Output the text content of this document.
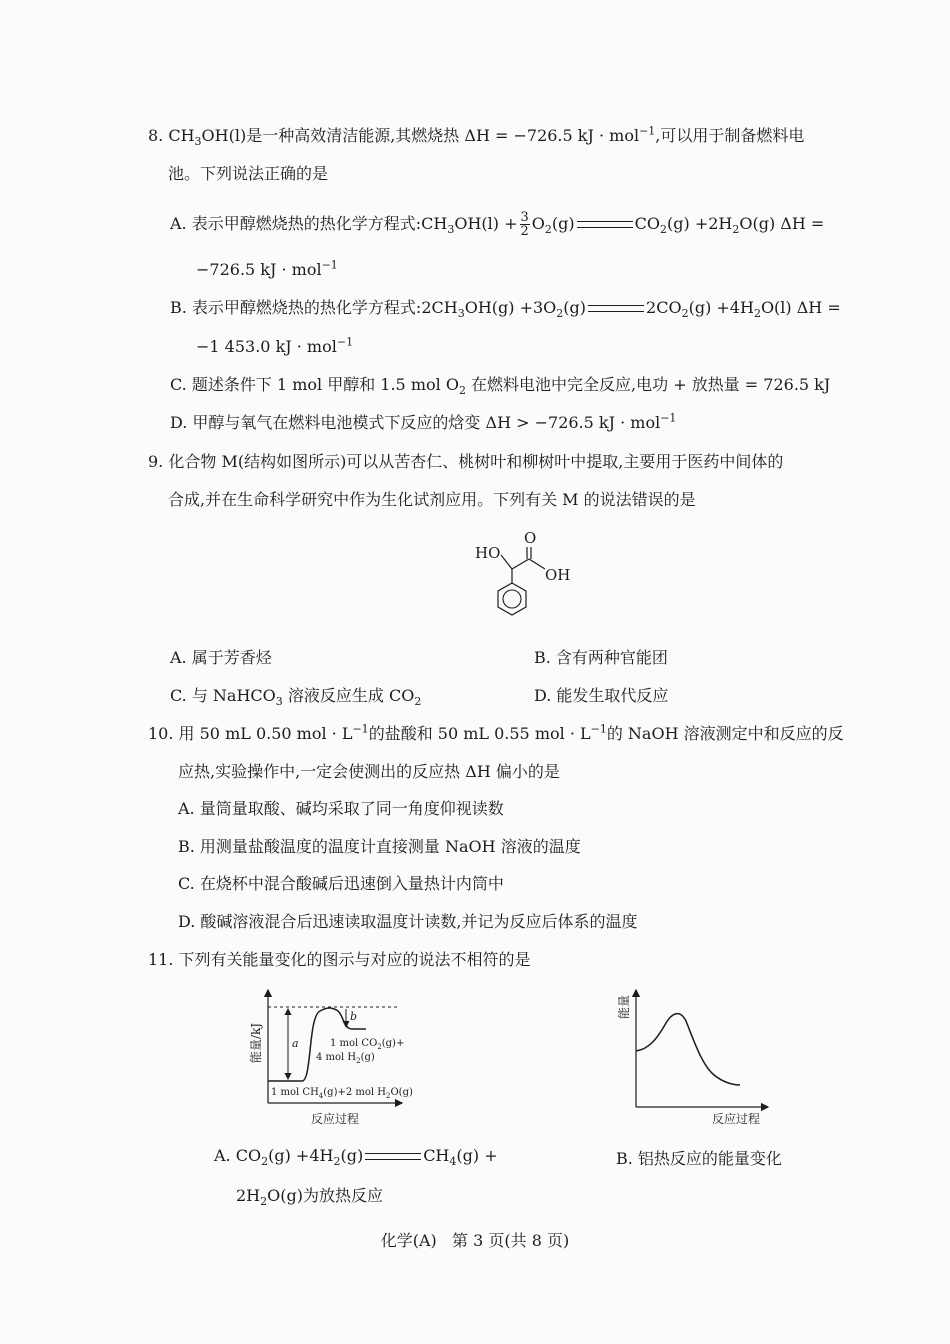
8. $CH_3OH(l)$是一种高效清洁能源,其燃烧热 ΔH = −726.5 kJ · mol$^{-1}$,可以用于制备燃料电
池。下列说法正确的是
A. 表示甲醇燃烧热的热化学方程式$:CH_3OH(l) + \frac{3}{2} O_2(g)$	$CO_2(g) +2H_2O(g) \Delta H$ =
−726.5 kJ · mol$^{-1}$
B. 表示甲醇燃烧热的热化学方程式$:2CH_3OH(g) +3O_2(g)$	$2CO_2(g) +4H_2O(l) \Delta H$ =
−1 453.0 kJ · mol$^{-1}$
C. 题述条件下 1 mol 甲醇和 1.5 mol $O_2$ 在燃料电池中完全反应,电功 + 放热量 = 726.5 kJ
D. 甲醇与氧气在燃料电池模式下反应的焓变 ΔH > −726.5 kJ · mol$^{-1}$
9. 化合物 M(结构如图所示)可以从苦杏仁、桃树叶和柳树叶中提取,主要用于医药中间体的
合成,并在生命科学研究中作为生化试剂应用。下列有关 M 的说法错误的是
HO
O
OH
A. 属于芳香烃	B. 含有两种官能团
C. 与 NaHCO$_3$ 溶液反应生成 $CO_2$	D. 能发生取代反应
10. 用 50 mL 0.50 mol · $L^{-1}$的盐酸和 50 mL 0.55 mol · $L^{-1}$的 NaOH 溶液测定中和反应的反
应热,实验操作中,一定会使测出的反应热 ΔH 偏小的是
A. 量筒量取酸、碱均采取了同一角度仰视读数
B. 用测量盐酸温度的温度计直接测量 NaOH 溶液的温度
C. 在烧杯中混合酸碱后迅速倒入量热计内筒中
D. 酸碱溶液混合后迅速读取温度计读数,并记为反应后体系的温度
11. 下列有关能量变化的图示与对应的说法不相符的是
能量/kJ
反应过程
a
b
1 mol $CO_2(g)+$
4 mol $H_2(g)$
1 mol $CH_4(g)+2$ mol $H_2O(g)$
能量
反应过程
A. $CO_2(g) +4H_2(g)$	$CH_4(g)$ +
$2H_2O(g)$为放热反应
B. 铝热反应的能量变化
化学(A)   第 3 页(共 8 页)
